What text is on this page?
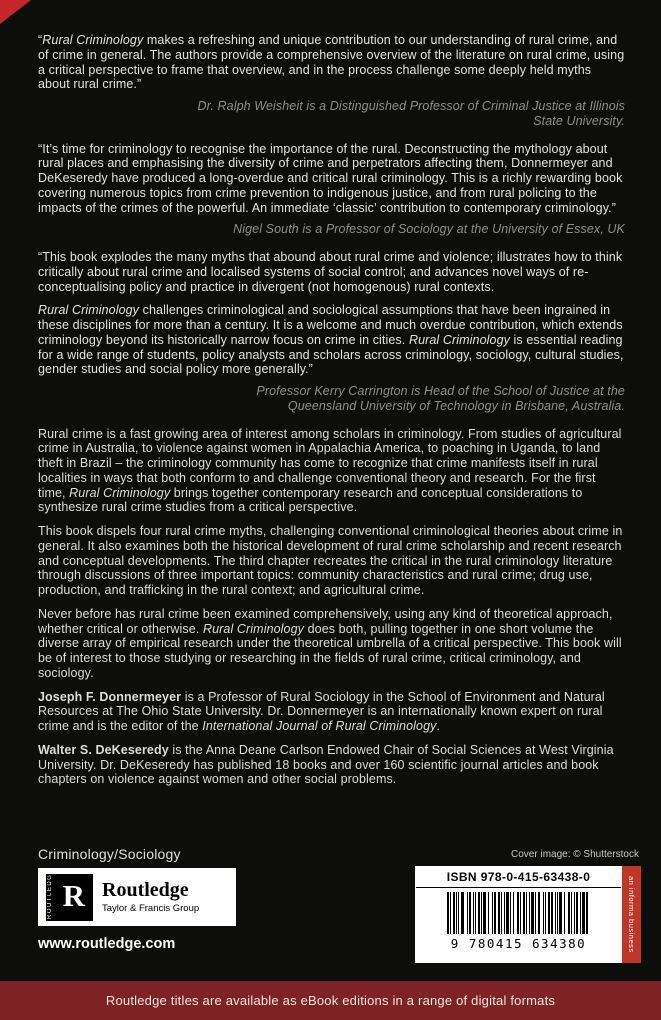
“Rural Criminology makes a refreshing and unique contribution to our understanding of rural crime, and of crime in general. The authors provide a comprehensive overview of the literature on rural crime, using a critical perspective to frame that overview, and in the process challenge some deeply held myths about rural crime.”

Dr. Ralph Weisheit is a Distinguished Professor of Criminal Justice at Illinois State University.

“It’s time for criminology to recognise the importance of the rural. Deconstructing the mythology about rural places and emphasising the diversity of crime and perpetrators affecting them, Donnermeyer and DeKeseredy have produced a long-overdue and critical rural criminology. This is a richly rewarding book covering numerous topics from crime prevention to indigenous justice, and from rural policing to the impacts of the crimes of the powerful. An immediate ‘classic’ contribution to contemporary criminology.”

Nigel South is a Professor of Sociology at the University of Essex, UK

“This book explodes the many myths that abound about rural crime and violence; illustrates how to think critically about rural crime and localised systems of social control; and advances novel ways of re-conceptualising policy and practice in divergent (not homogenous) rural contexts.

Rural Criminology challenges criminological and sociological assumptions that have been ingrained in these disciplines for more than a century. It is a welcome and much overdue contribution, which extends criminology beyond its historically narrow focus on crime in cities. Rural Criminology is essential reading for a wide range of students, policy analysts and scholars across criminology, sociology, cultural studies, gender studies and social policy more generally.”

Professor Kerry Carrington is Head of the School of Justice at the Queensland University of Technology in Brisbane, Australia.

Rural crime is a fast growing area of interest among scholars in criminology. From studies of agricultural crime in Australia, to violence against women in Appalachia America, to poaching in Uganda, to land theft in Brazil – the criminology community has come to recognize that crime manifests itself in rural localities in ways that both conform to and challenge conventional theory and research. For the first time, Rural Criminology brings together contemporary research and conceptual considerations to synthesize rural crime studies from a critical perspective.

This book dispels four rural crime myths, challenging conventional criminological theories about crime in general. It also examines both the historical development of rural crime scholarship and recent research and conceptual developments. The third chapter recreates the critical in the rural criminology literature through discussions of three important topics: community characteristics and rural crime; drug use, production, and trafficking in the rural context; and agricultural crime.

Never before has rural crime been examined comprehensively, using any kind of theoretical approach, whether critical or otherwise. Rural Criminology does both, pulling together in one short volume the diverse array of empirical research under the theoretical umbrella of a critical perspective. This book will be of interest to those studying or researching in the fields of rural crime, critical criminology, and sociology.

Joseph F. Donnermeyer is a Professor of Rural Sociology in the School of Environment and Natural Resources at The Ohio State University. Dr. Donnermeyer is an internationally known expert on rural crime and is the editor of the International Journal of Rural Criminology.

Walter S. DeKeseredy is the Anna Deane Carlson Endowed Chair of Social Sciences at West Virginia University. Dr. DeKeseredy has published 18 books and over 160 scientific journal articles and book chapters on violence against women and other social problems.

Criminology/Sociology	Cover image: © Shutterstock
ROUTLEDGE R Routledge
Taylor & Francis Group
www.routledge.com
ISBN 978-0-415-63438-0
9 780415 634380	an informa business
Routledge titles are available as eBook editions in a range of digital formats
